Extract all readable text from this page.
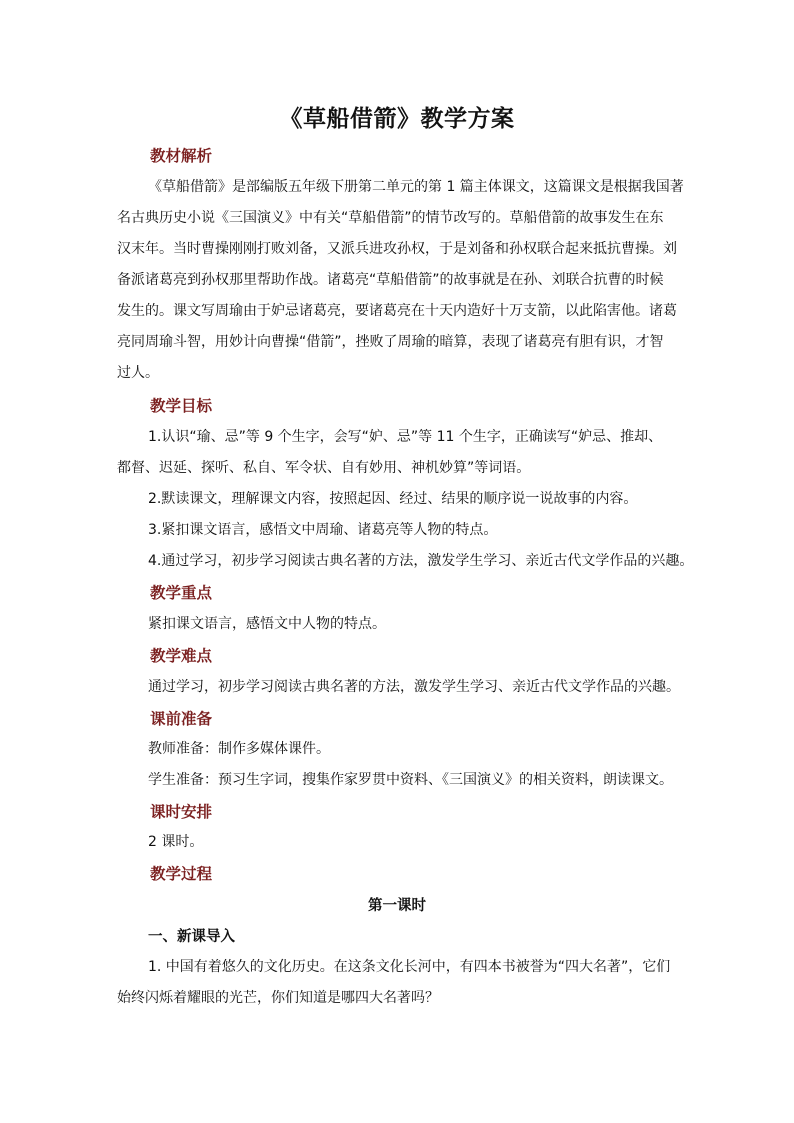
《草船借箭》教学方案
教材解析
《草船借箭》是部编版五年级下册第二单元的第 1 篇主体课文，这篇课文是根据我国著
名古典历史小说《三国演义》中有关“草船借箭”的情节改写的。草船借箭的故事发生在东
汉末年。当时曹操刚刚打败刘备，又派兵进攻孙权，于是刘备和孙权联合起来抵抗曹操。刘
备派诸葛亮到孙权那里帮助作战。诸葛亮“草船借箭”的故事就是在孙、刘联合抗曹的时候
发生的。课文写周瑜由于妒忌诸葛亮，要诸葛亮在十天内造好十万支箭，以此陷害他。诸葛
亮同周瑜斗智，用妙计向曹操“借箭”，挫败了周瑜的暗算，表现了诸葛亮有胆有识，才智
过人。
教学目标
1.认识“瑜、忌”等 9 个生字，会写“妒、忌”等 11 个生字，正确读写“妒忌、推却、
都督、迟延、探听、私自、军令状、自有妙用、神机妙算”等词语。
2.默读课文，理解课文内容，按照起因、经过、结果的顺序说一说故事的内容。
3.紧扣课文语言，感悟文中周瑜、诸葛亮等人物的特点。
4.通过学习，初步学习阅读古典名著的方法，激发学生学习、亲近古代文学作品的兴趣。
教学重点
紧扣课文语言，感悟文中人物的特点。
教学难点
通过学习，初步学习阅读古典名著的方法，激发学生学习、亲近古代文学作品的兴趣。
课前准备
教师准备：制作多媒体课件。
学生准备：预习生字词，搜集作家罗贯中资料、《三国演义》的相关资料，朗读课文。
课时安排
2 课时。
教学过程
第一课时
一、新课导入
1. 中国有着悠久的文化历史。在这条文化长河中，有四本书被誉为“四大名著”，它们
始终闪烁着耀眼的光芒，你们知道是哪四大名著吗？
